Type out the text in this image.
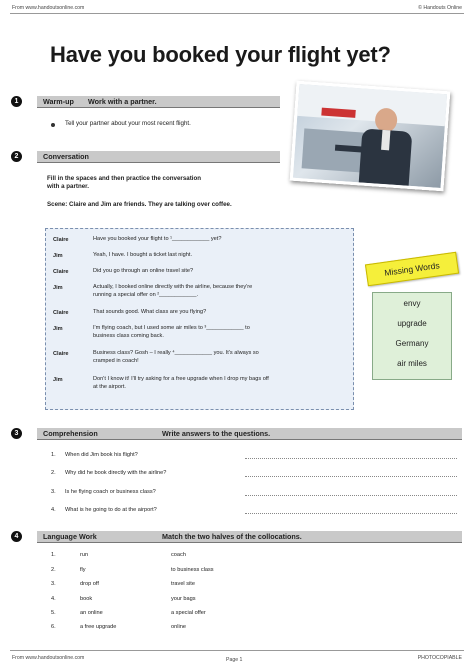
From www.handoutsonline.com	© Handouts Online
Have you booked your flight yet?
1	Warm-up Work with a partner.
Tell your partner about your most recent flight.
2	Conversation
Fill in the spaces and then practice the conversation
with a partner.
Scene: Claire and Jim are friends. They are talking over coffee.
Claire	Have you booked your flight to ¹____________ yet?
Jim	Yeah, I have. I bought a ticket last night.
Claire	Did you go through an online travel site?
Jim	Actually, I booked online directly with the airline, because they're
running a special offer on ²____________.
Claire	That sounds good. What class are you flying?
Jim	I'm flying coach, but I used some air miles to ³____________ to
business class coming back.
Claire	Business class? Gosh – I really ⁴____________ you. It's always so
cramped in coach!
Jim	Don't I know it! I'll try asking for a free upgrade when I drop my bags off
at the airport.
Missing Words
envy
upgrade
Germany
air miles
3	Comprehension	Write answers to the questions.
1. When did Jim book his flight?
2. Why did he book directly with the airline?
3. Is he flying coach or business class?
4. What is he going to do at the airport?
4	Language Work	Match the two halves of the collocations.
1.	run	coach
2.	fly	to business class
3.	drop off	travel site
4.	book	your bags
5.	an online	a special offer
6.	a free upgrade	online
From www.handoutsonline.com	Page 1	PHOTOCOPIABLE
